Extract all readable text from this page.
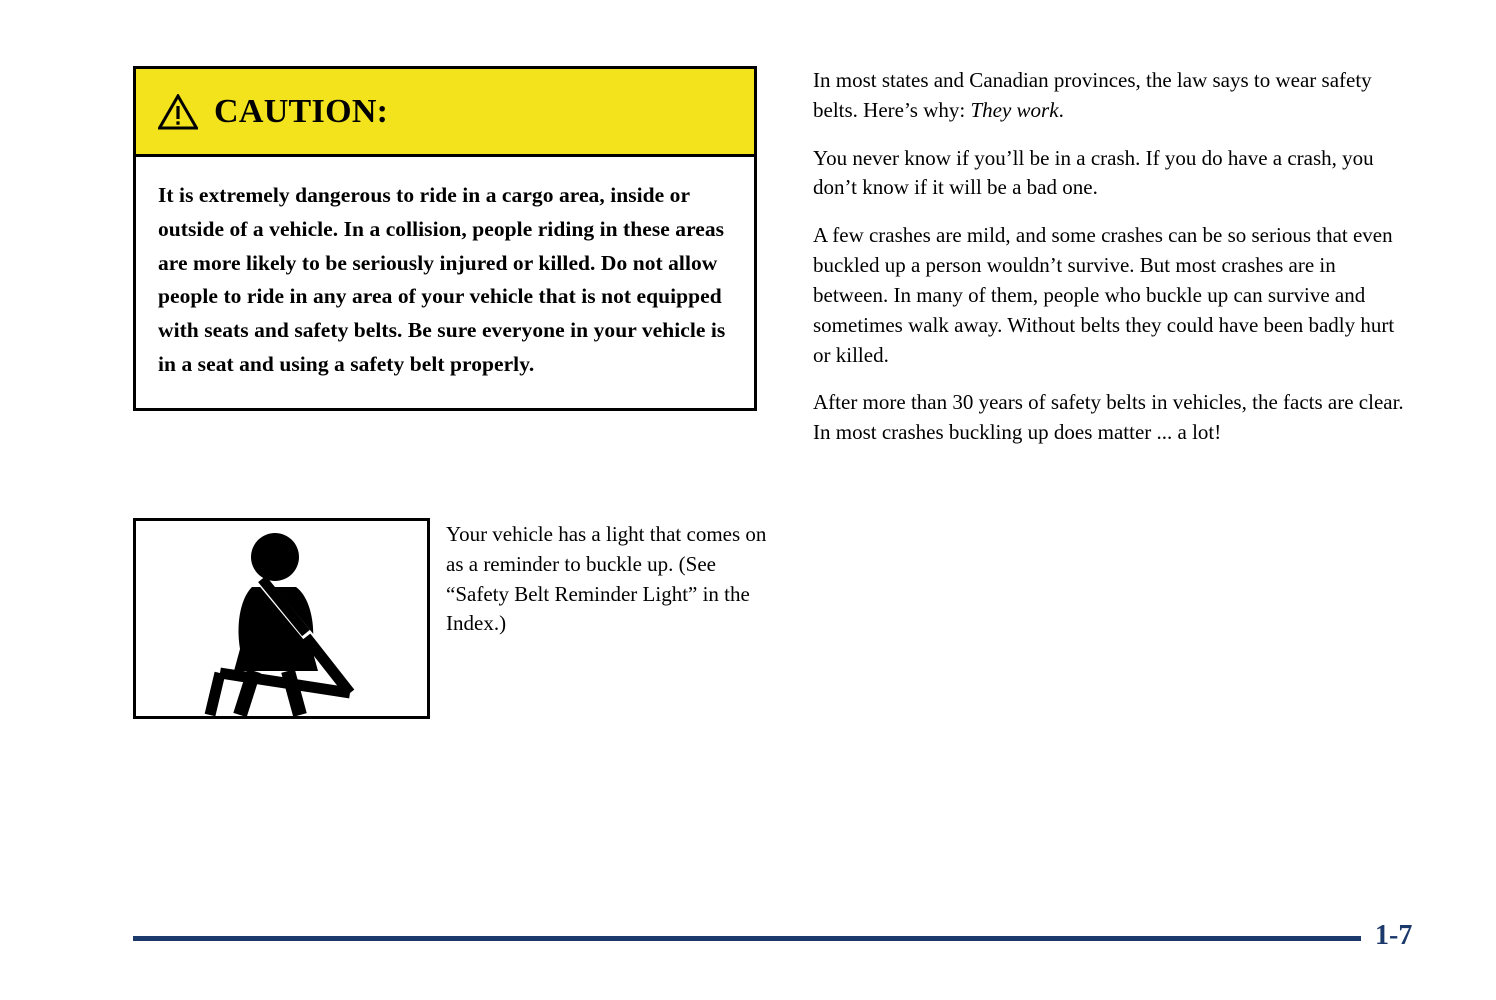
CAUTION:
It is extremely dangerous to ride in a cargo area, inside or outside of a vehicle. In a collision, people riding in these areas are more likely to be seriously injured or killed. Do not allow people to ride in any area of your vehicle that is not equipped with seats and safety belts. Be sure everyone in your vehicle is in a seat and using a safety belt properly.
Your vehicle has a light that comes on as a reminder to buckle up. (See “Safety Belt Reminder Light” in the Index.)

In most states and Canadian provinces, the law says to wear safety belts. Here’s why: They work.

You never know if you’ll be in a crash. If you do have a crash, you don’t know if it will be a bad one.

A few crashes are mild, and some crashes can be so serious that even buckled up a person wouldn’t survive. But most crashes are in between. In many of them, people who buckle up can survive and sometimes walk away. Without belts they could have been badly hurt or killed.

After more than 30 years of safety belts in vehicles, the facts are clear. In most crashes buckling up does matter ... a lot!

1-7
